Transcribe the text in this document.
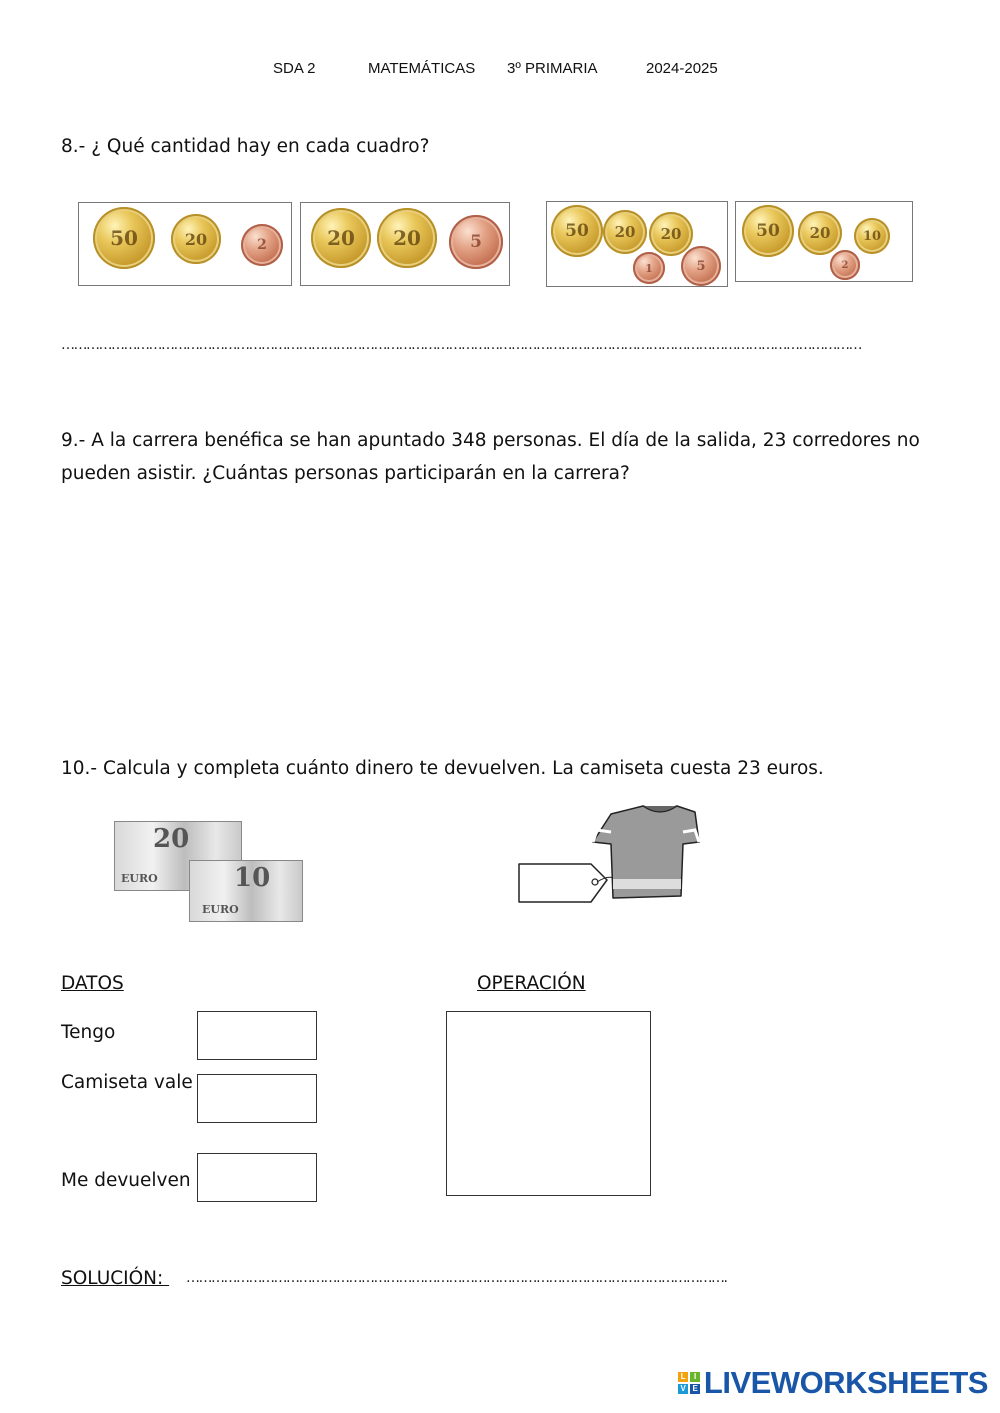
SDA 2	MATEMÁTICAS 3º PRIMARIA	2024-2025
8.- ¿ Qué cantidad hay en cada cuadro?
50	20	2	20	20	5
50	20	20
1	5
50	20	10
2
…………………………………………………………………………………………………………………………………………………………………………
9.- A la carrera benéfica se han apuntado 348 personas. El día de la salida, 23 corredores no
pueden asistir. ¿Cuántas personas participarán en la carrera?
10.- Calcula y completa cuánto dinero te devuelven. La camiseta cuesta 23 euros.
20
EURO	10
EURO
DATOS	OPERACIÓN
Tengo
Camiseta vale
Me devuelven
SOLUCIÓN: ………………………………………………………………………………………………………………….
L	I
V E LIVEWORKSHEETS
